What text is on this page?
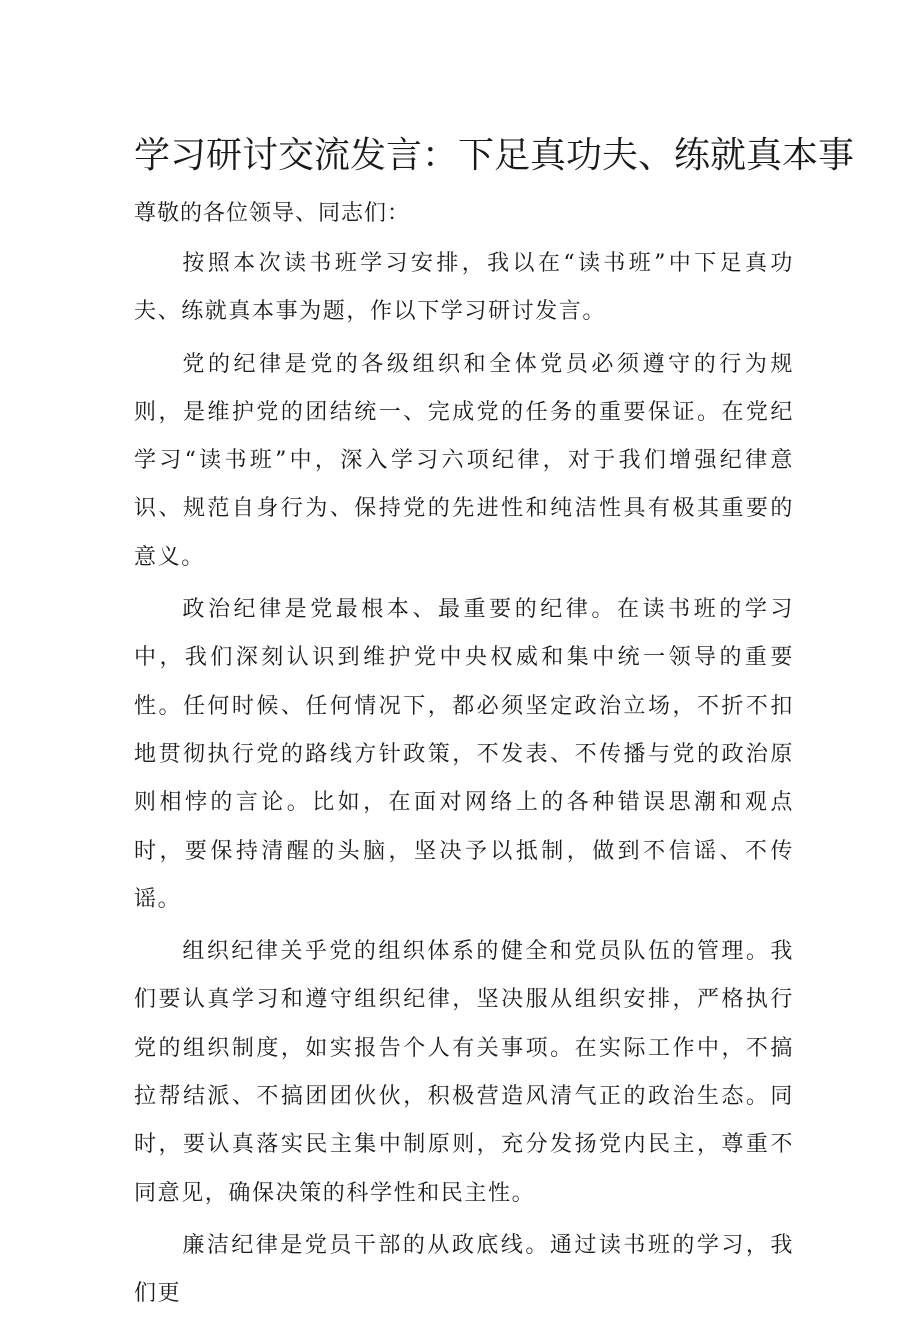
学习研讨交流发言：下足真功夫、练就真本事

尊敬的各位领导、同志们：

按照本次读书班学习安排，我以在“读书班”中下足真功夫、练就真本事为题，作以下学习研讨发言。

党的纪律是党的各级组织和全体党员必须遵守的行为规则，是维护党的团结统一、完成党的任务的重要保证。在党纪学习“读书班”中，深入学习六项纪律，对于我们增强纪律意识、规范自身行为、保持党的先进性和纯洁性具有极其重要的意义。

政治纪律是党最根本、最重要的纪律。在读书班的学习中，我们深刻认识到维护党中央权威和集中统一领导的重要性。任何时候、任何情况下，都必须坚定政治立场，不折不扣地贯彻执行党的路线方针政策，不发表、不传播与党的政治原则相悖的言论。比如，在面对网络上的各种错误思潮和观点时，要保持清醒的头脑，坚决予以抵制，做到不信谣、不传谣。

组织纪律关乎党的组织体系的健全和党员队伍的管理。我们要认真学习和遵守组织纪律，坚决服从组织安排，严格执行党的组织制度，如实报告个人有关事项。在实际工作中，不搞拉帮结派、不搞团团伙伙，积极营造风清气正的政治生态。同时，要认真落实民主集中制原则，充分发扬党内民主，尊重不同意见，确保决策的科学性和民主性。

廉洁纪律是党员干部的从政底线。通过读书班的学习，我们更
